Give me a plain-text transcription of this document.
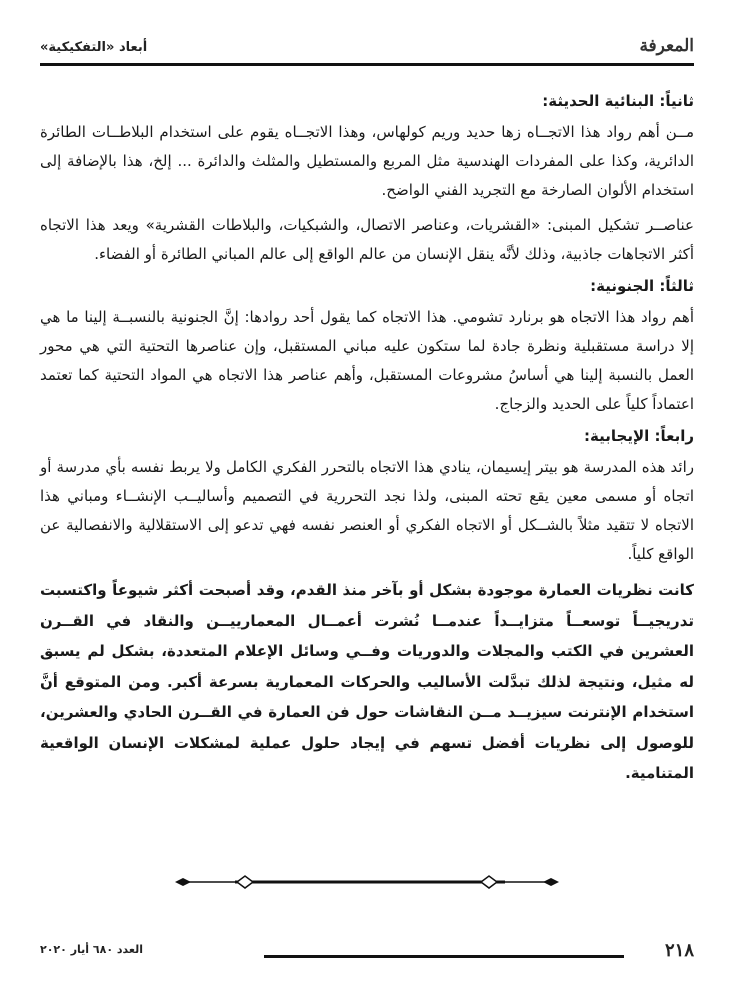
المعرفة
أبعاد «التفكيكية»
ثانياً: البنائية الحديثة:

مــن أهم رواد هذا الاتجــاه زها حديد وريم كولهاس، وهذا الاتجــاه يقوم على استخدام البلاطــات الطائرة الدائرية، وكذا على المفردات الهندسية مثل المربع والمستطيل والمثلث والدائرة ... إلخ، هذا بالإضافة إلى استخدام الألوان الصارخة مع التجريد الفني الواضح.

عناصــر تشكيل المبنى: «القشريات، وعناصر الاتصال، والشبكيات، والبلاطات القشرية» ويعد هذا الاتجاه أكثر الاتجاهات جاذبية، وذلك لأنَّه ينقل الإنسان من عالم الواقع إلى عالم المباني الطائرة أو الفضاء.

ثالثاً: الجنونية:

أهم رواد هذا الاتجاه هو برنارد تشومي. هذا الاتجاه كما يقول أحد روادها: إنَّ الجنونية بالنسبــة إلينا ما هي إلا دراسة مستقبلية ونظرة جادة لما ستكون عليه مباني المستقبل، وإن عناصرها التحتية التي هي محور العمل بالنسبة إلينا هي أساسُ مشروعات المستقبل، وأهم عناصر هذا الاتجاه هي المواد التحتية كما تعتمد اعتماداً كلياً على الحديد والزجاج.

رابعاً: الإيجابية:

رائد هذه المدرسة هو بيتر إيسيمان، ينادي هذا الاتجاه بالتحرر الفكري الكامل ولا يربط نفسه بأي مدرسة أو اتجاه أو مسمى معين يقع تحته المبنى، ولذا نجد التحررية في التصميم وأساليــب الإنشــاء ومباني هذا الاتجاه لا تتقيد مثلاً بالشــكل أو الاتجاه الفكري أو العنصر نفسه فهي تدعو إلى الاستقلالية والانفصالية عن الواقع كلياً.

كانت نظريات العمارة موجودة بشكل أو بآخر منذ القدم، وقد أصبحت أكثر شيوعاً واكتسبت تدريجيــاً توسعــاً متزايــداً عندمــا نُشرت أعمــال المعمارييــن والنقاد في القــرن العشرين في الكتب والمجلات والدوريات وفــي وسائل الإعلام المتعددة، بشكل لم يسبق له مثيل، ونتيجة لذلك تبدَّلت الأساليب والحركات المعمارية بسرعة أكبر. ومن المتوقع أنَّ استخدام الإنترنت سيزيــد مــن النقاشات حول فن العمارة في القــرن الحادي والعشرين، للوصول إلى نظريات أفضل تسهم في إيجاد حلول عملية لمشكلات الإنسان الواقعية المتنامية.

٢١٨
العدد ٦٨٠ أيار ٢٠٢٠
